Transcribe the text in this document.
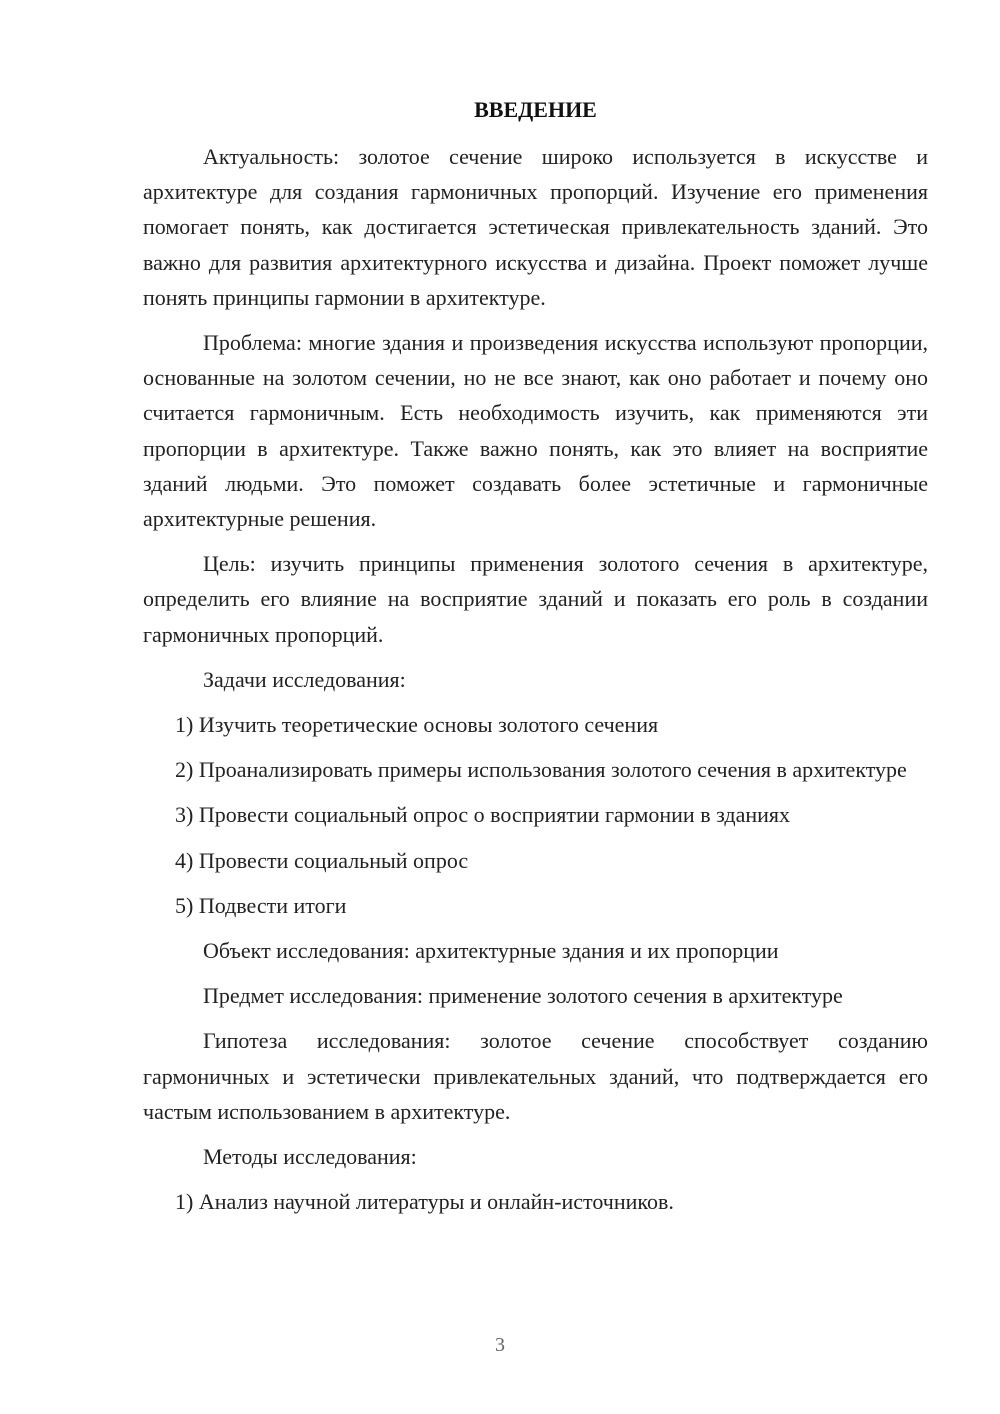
ВВЕДЕНИЕ

Актуальность: золотое сечение широко используется в искусстве и архитектуре для создания гармоничных пропорций. Изучение его применения помогает понять, как достигается эстетическая привлекательность зданий. Это важно для развития архитектурного искусства и дизайна. Проект поможет лучше понять принципы гармонии в архитектуре.

Проблема: многие здания и произведения искусства используют пропорции, основанные на золотом сечении, но не все знают, как оно работает и почему оно считается гармоничным. Есть необходимость изучить, как применяются эти пропорции в архитектуре. Также важно понять, как это влияет на восприятие зданий людьми. Это поможет создавать более эстетичные и гармоничные архитектурные решения.

Цель: изучить принципы применения золотого сечения в архитектуре, определить его влияние на восприятие зданий и показать его роль в создании гармоничных пропорций.

Задачи исследования:

1) Изучить теоретические основы золотого сечения

2) Проанализировать примеры использования золотого сечения в архитектуре

3) Провести социальный опрос о восприятии гармонии в зданиях

4) Провести социальный опрос

5) Подвести итоги

Объект исследования: архитектурные здания и их пропорции

Предмет исследования: применение золотого сечения в архитектуре

Гипотеза исследования: золотое сечение способствует созданию гармоничных и эстетически привлекательных зданий, что подтверждается его частым использованием в архитектуре.

Методы исследования:

1) Анализ научной литературы и онлайн-источников.

3
